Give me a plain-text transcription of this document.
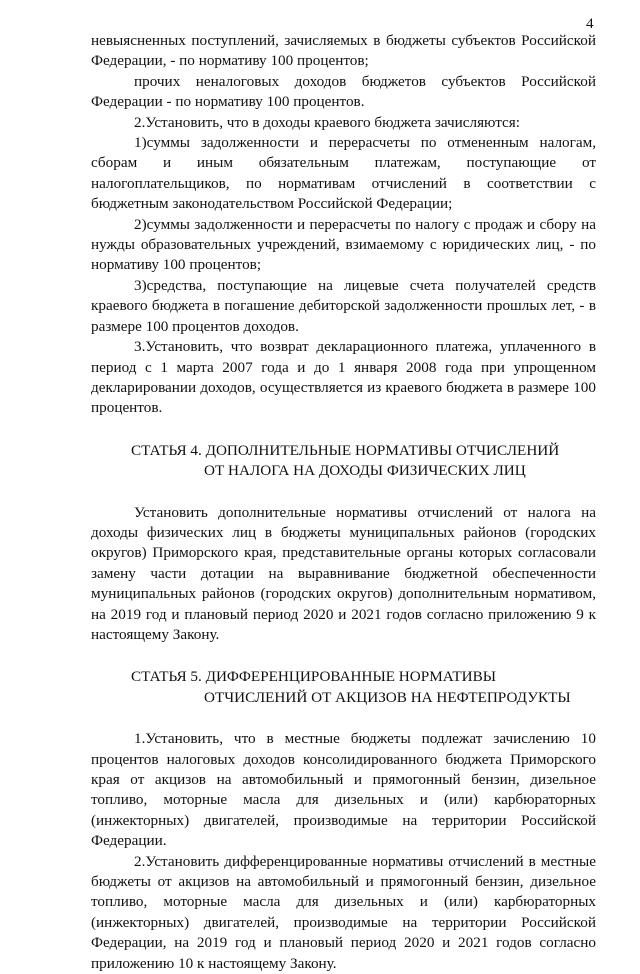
4

невыясненных поступлений, зачисляемых в бюджеты субъектов Российской Федерации, - по нормативу 100 процентов;

прочих неналоговых доходов бюджетов субъектов Российской Федерации - по нормативу 100 процентов.

2.Установить, что в доходы краевого бюджета зачисляются:

1)суммы задолженности и перерасчеты по отмененным налогам, сборам и иным обязательным платежам, поступающие от налогоплательщиков, по нормативам отчислений в соответствии с бюджетным законодательством Российской Федерации;

2)суммы задолженности и перерасчеты по налогу с продаж и сбору на нужды образовательных учреждений, взимаемому с юридических лиц, - по нормативу 100 процентов;

3)средства, поступающие на лицевые счета получателей средств краевого бюджета в погашение дебиторской задолженности прошлых лет, - в размере 100 процентов доходов.

3.Установить, что возврат декларационного платежа, уплаченного в период с 1 марта 2007 года и до 1 января 2008 года при упрощенном декларировании доходов, осуществляется из краевого бюджета в размере 100 процентов.

СТАТЬЯ 4. ДОПОЛНИТЕЛЬНЫЕ НОРМАТИВЫ ОТЧИСЛЕНИЙ
ОТ НАЛОГА НА ДОХОДЫ ФИЗИЧЕСКИХ ЛИЦ

Установить дополнительные нормативы отчислений от налога на доходы физических лиц в бюджеты муниципальных районов (городских округов) Приморского края, представительные органы которых согласовали замену части дотации на выравнивание бюджетной обеспеченности муниципальных районов (городских округов) дополнительным нормативом, на 2019 год и плановый период 2020 и 2021 годов согласно приложению 9 к настоящему Закону.

СТАТЬЯ 5. ДИФФЕРЕНЦИРОВАННЫЕ НОРМАТИВЫ
ОТЧИСЛЕНИЙ ОТ АКЦИЗОВ НА НЕФТЕПРОДУКТЫ

1.Установить, что в местные бюджеты подлежат зачислению 10 процентов налоговых доходов консолидированного бюджета Приморского края от акцизов на автомобильный и прямогонный бензин, дизельное топливо, моторные масла для дизельных и (или) карбюраторных (инжекторных) двигателей, производимые на территории Российской Федерации.

2.Установить дифференцированные нормативы отчислений в местные бюджеты от акцизов на автомобильный и прямогонный бензин, дизельное топливо, моторные масла для дизельных и (или) карбюраторных (инжекторных) двигателей, производимые на территории Российской Федерации, на 2019 год и плановый период 2020 и 2021 годов согласно приложению 10 к настоящему Закону.
